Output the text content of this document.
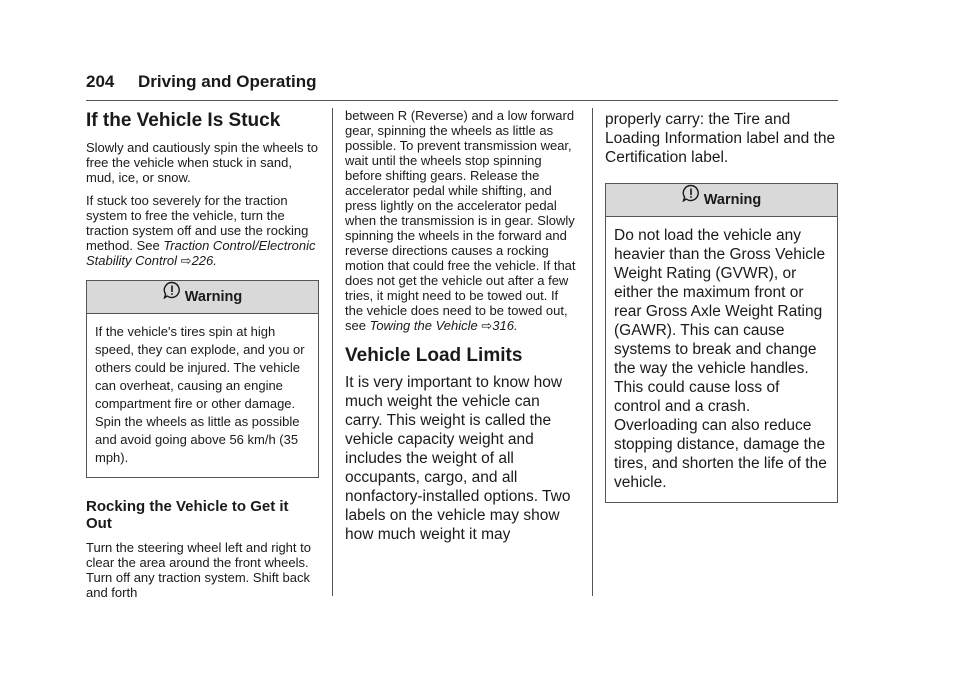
204 Driving and Operating
If the Vehicle Is Stuck

Slowly and cautiously spin the wheels to free the vehicle when stuck in sand, mud, ice, or snow.

If stuck too severely for the traction system to free the vehicle, turn the traction system off and use the rocking method. See Traction Control/Electronic Stability Control ⇨226.

Warning

If the vehicle's tires spin at high speed, they can explode, and you or others could be injured. The vehicle can overheat, causing an engine compartment fire or other damage. Spin the wheels as little as possible and avoid going above 56 km/h (35 mph).

Rocking the Vehicle to Get it Out

Turn the steering wheel left and right to clear the area around the front wheels. Turn off any traction system. Shift back and forth

between R (Reverse) and a low forward gear, spinning the wheels as little as possible. To prevent transmission wear, wait until the wheels stop spinning before shifting gears. Release the accelerator pedal while shifting, and press lightly on the accelerator pedal when the transmission is in gear. Slowly spinning the wheels in the forward and reverse directions causes a rocking motion that could free the vehicle. If that does not get the vehicle out after a few tries, it might need to be towed out. If the vehicle does need to be towed out, see Towing the Vehicle ⇨316.

Vehicle Load Limits

It is very important to know how much weight the vehicle can carry. This weight is called the vehicle capacity weight and includes the weight of all occupants, cargo, and all nonfactory-installed options. Two labels on the vehicle may show how much weight it may

properly carry: the Tire and Loading Information label and the Certification label.

Warning

Do not load the vehicle any heavier than the Gross Vehicle Weight Rating (GVWR), or either the maximum front or rear Gross Axle Weight Rating (GAWR). This can cause systems to break and change the way the vehicle handles. This could cause loss of control and a crash. Overloading can also reduce stopping distance, damage the tires, and shorten the life of the vehicle.
